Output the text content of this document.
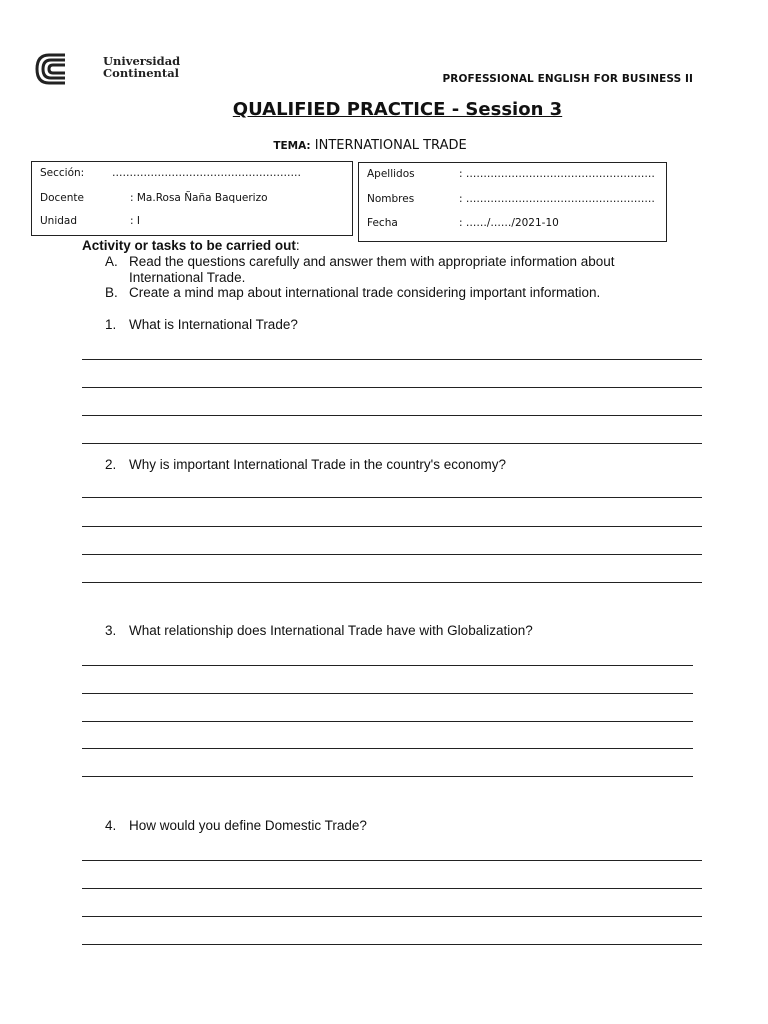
Universidad
Continental	PROFESSIONAL ENGLISH FOR BUSINESS II
QUALIFIED PRACTICE - Session 3
TEMA: INTERNATIONAL TRADE
Sección:	………………………………………………
Docente	: Ma.Rosa Ñaña Baquerizo
Unidad	: I
Apellidos	: ………………………………………………
Nombres	: ………………………………………………
Fecha	: ……/……/2021-10
Activity or tasks to be carried out:
A. Read the questions carefully and answer them with appropriate information about International Trade.
B. Create a mind map about international trade considering important information.
1. What is International Trade?
2. Why is important International Trade in the country's economy?
3. What relationship does International Trade have with Globalization?
4. How would you define Domestic Trade?
